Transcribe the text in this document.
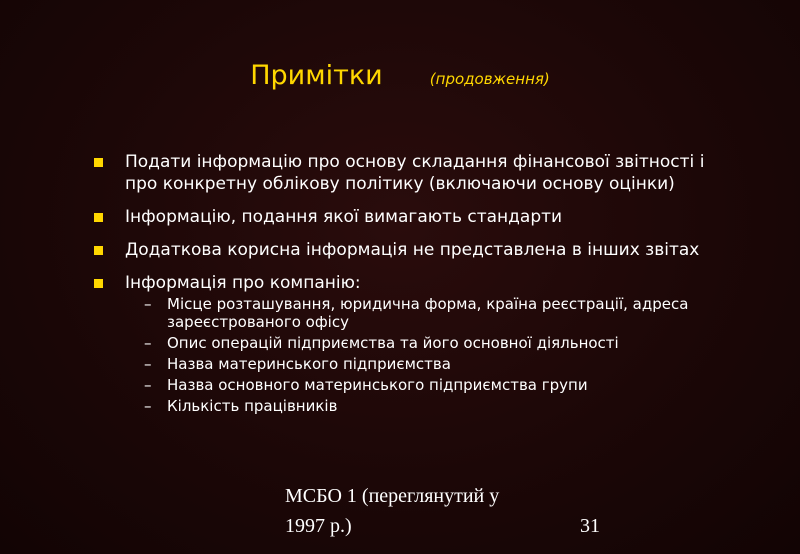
Примітки	(продовження)
Подати інформацію про основу складання фінансової звітності і про конкретну облікову політику (включаючи основу оцінки)
Інформацію, подання якої вимагають стандарти
Додаткова корисна інформація не представлена в інших звітах
Інформація про компанію:
– Місце розташування, юридична форма, країна реєстрації, адреса зареєстрованого офісу
– Опис операцій підприємства та його основної діяльності
– Назва материнського підприємства
– Назва основного материнського підприємства групи
– Кількість працівників
МСБО 1 (переглянутий у 1997 р.)	31
